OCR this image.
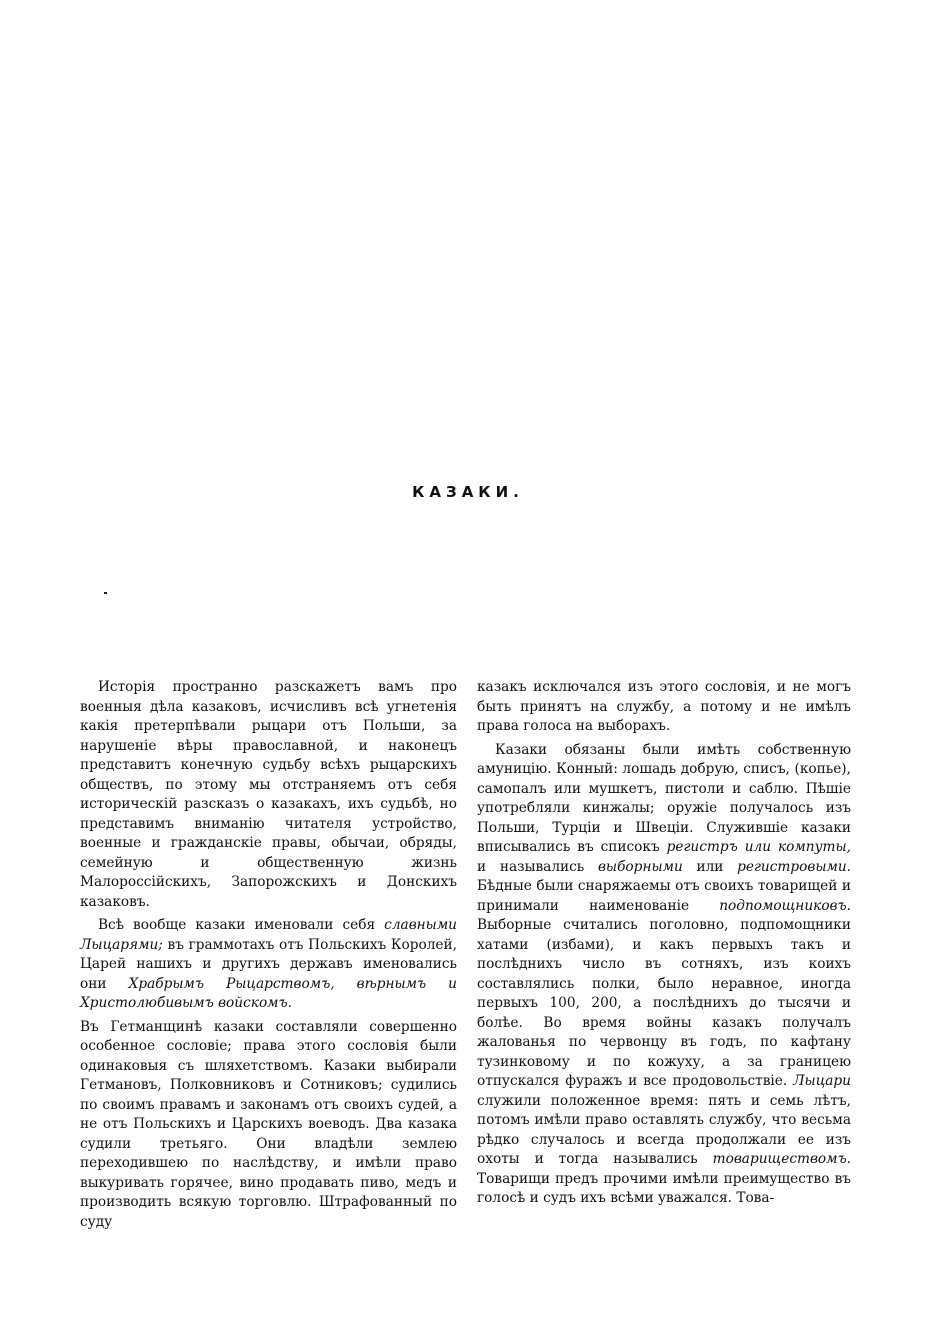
КАЗАКИ.

Исторія пространно разскажетъ вамъ про военныя дѣла казаковъ, исчисливъ всѣ угнетенія какія претерпѣвали рыцари отъ Польши, за нарушеніе вѣры православной, и наконецъ представитъ конечную судьбу всѣхъ рыцарскихъ обществъ, по этому мы отстраняемъ отъ себя историческій разсказъ о казакахъ, ихъ судьбѣ, но представимъ вниманію читателя устройство, военные и гражданскіе правы, обычаи, обряды, семейную и общественную жизнь Малороссійскихъ, Запорожскихъ и Донскихъ казаковъ.

Всѣ вообще казаки именовали себя славными Лыцарями; въ граммотахъ отъ Польскихъ Королей, Царей нашихъ и другихъ державъ именовались они Храбрымъ Рыцарствомъ, вѣрнымъ и Христолюбивымъ войскомъ.

Въ Гетманщинѣ казаки составляли совершенно особенное сословіе; права этого сословія были одинаковыя съ шляхетствомъ. Казаки выбирали Гетмановъ, Полковниковъ и Сотниковъ; судились по своимъ правамъ и законамъ отъ своихъ судей, а не отъ Польскихъ и Царскихъ воеводъ. Два казака судили третьяго. Они владѣли землею переходившею по наслѣдству, и имѣли право выкуривать горячее, вино продавать пиво, медъ и производить всякую торговлю. Штрафованный по суду

казакъ исключался изъ этого сословія, и не могъ быть принятъ на службу, а потому и не имѣлъ права голоса на выборахъ.

Казаки обязаны были имѣть собственную амуницію. Конный: лошадь добрую, списъ, (копье), самопалъ или мушкетъ, пистоли и саблю. Пѣшіе употребляли кинжалы; оружіе получалось изъ Польши, Турціи и Швеціи. Служившіе казаки вписывались въ списокъ регистръ или компуты, и назывались выборными или регистровыми. Бѣдные были снаряжаемы отъ своихъ товарищей и принимали наименованіе подпомощниковъ. Выборные считались поголовно, подпомощники хатами (избами), и какъ первыхъ такъ и послѣднихъ число въ сотняхъ, изъ коихъ составлялись полки, было неравное, иногда первыхъ 100, 200, а послѣднихъ до тысячи и болѣе. Во время войны казакъ получалъ жалованья по червонцу въ годъ, по кафтану тузинковому и по кожуху, а за границею отпускался фуражъ и все продовольствіе. Лыцари служили положенное время: пять и семь лѣтъ, потомъ имѣли право оставлять службу, что весьма рѣдко случалось и всегда продолжали ее изъ охоты и тогда назывались товариществомъ. Товарищи предъ прочими имѣли преимущество въ голосѣ и судъ ихъ всѣми уважался. Това-
